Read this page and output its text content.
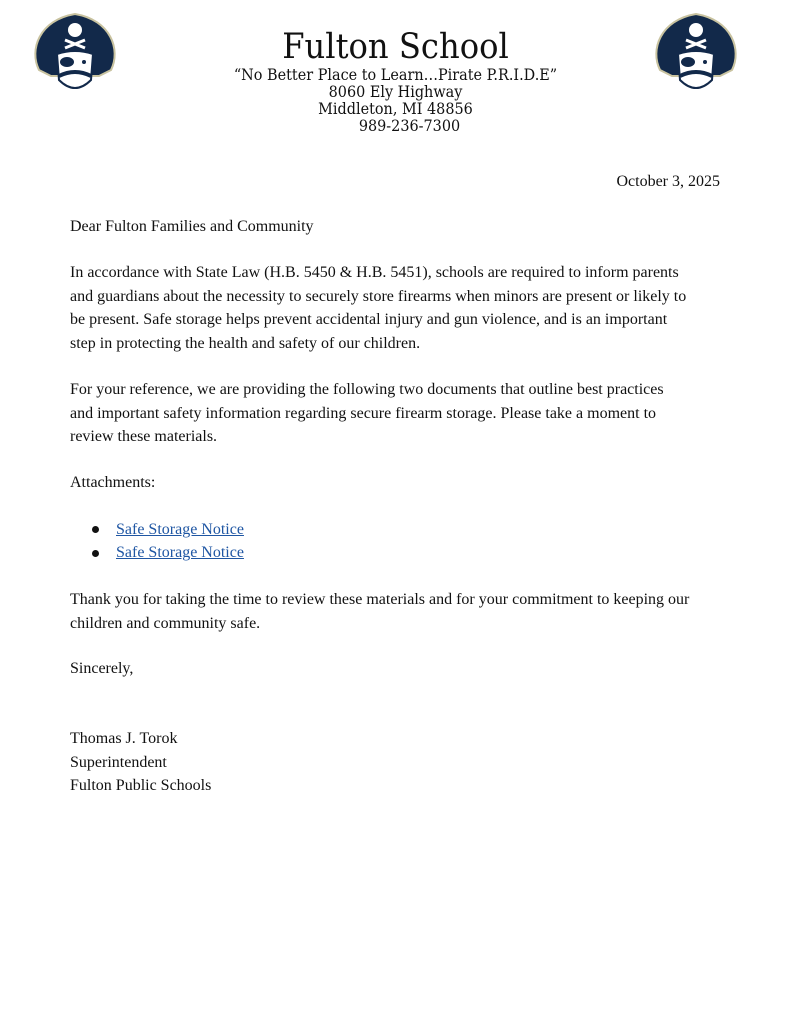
Fulton School
“No Better Place to Learn…Pirate P.R.I.D.E”
8060 Ely Highway
Middleton, MI 48856
989-236-7300
October 3, 2025
Dear Fulton Families and Community
In accordance with State Law (H.B. 5450 & H.B. 5451), schools are required to inform parents
and guardians about the necessity to securely store firearms when minors are present or likely to
be present. Safe storage helps prevent accidental injury and gun violence, and is an important
step in protecting the health and safety of our children.
For your reference, we are providing the following two documents that outline best practices
and important safety information regarding secure firearm storage. Please take a moment to
review these materials.
Attachments:
Safe Storage Notice
Safe Storage Notice
Thank you for taking the time to review these materials and for your commitment to keeping our
children and community safe.
Sincerely,
Thomas J. Torok
Superintendent
Fulton Public Schools
